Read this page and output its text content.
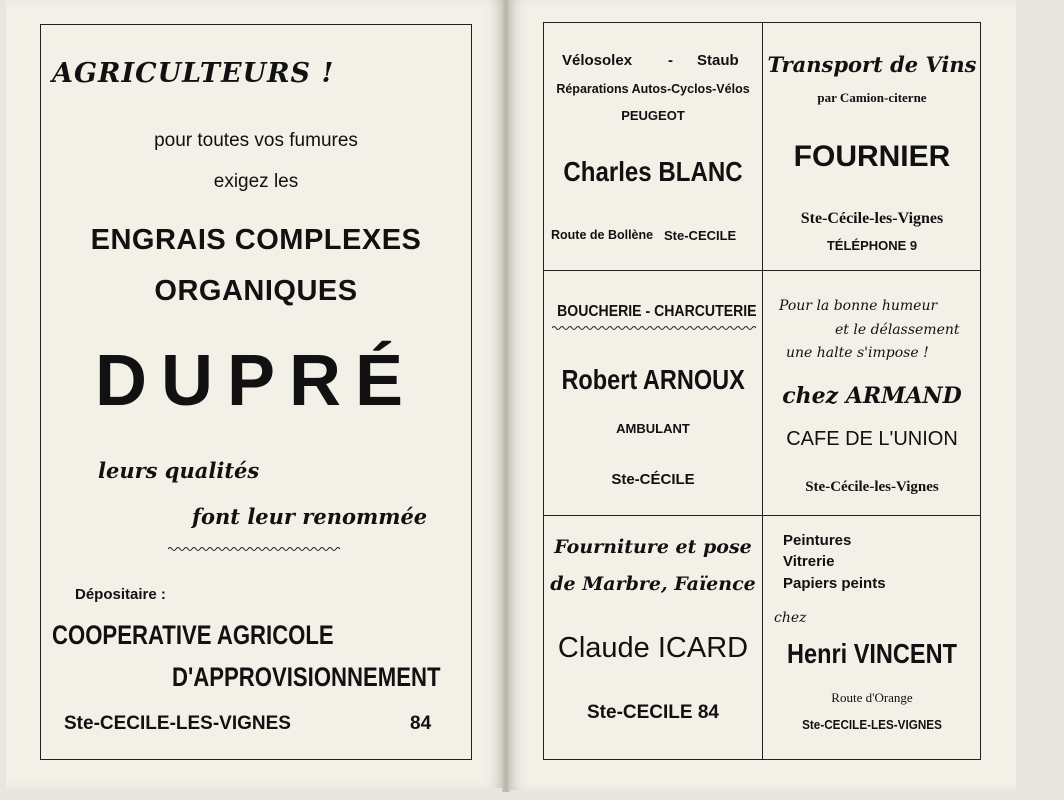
AGRICULTEURS !
pour toutes vos fumures
exigez les
ENGRAIS COMPLEXES
ORGANIQUES
DUPRÉ
leurs qualités
font leur renommée
Dépositaire :
COOPERATIVE AGRICOLE
D'APPROVISIONNEMENT
Ste-CECILE-LES-VIGNES	84
Vélosolex - Staub
Réparations Autos-Cyclos-Vélos
PEUGEOT
Charles BLANC
Route de Bollène Ste-CECILE
Transport de Vins
par Camion-citerne
FOURNIER
Ste-Cécile-les-Vignes
TÉLÉPHONE 9
BOUCHERIE - CHARCUTERIE
Robert ARNOUX
AMBULANT
Ste-CÉCILE
Pour la bonne humeur
et le délassement
une halte s'impose !
chez ARMAND
CAFE DE L'UNION
Ste-Cécile-les-Vignes
Fourniture et pose
de Marbre, Faïence
Claude ICARD
Ste-CECILE 84
Peintures
Vitrerie
Papiers peints
chez
Henri VINCENT
Route d'Orange
Ste-CECILE-LES-VIGNES
